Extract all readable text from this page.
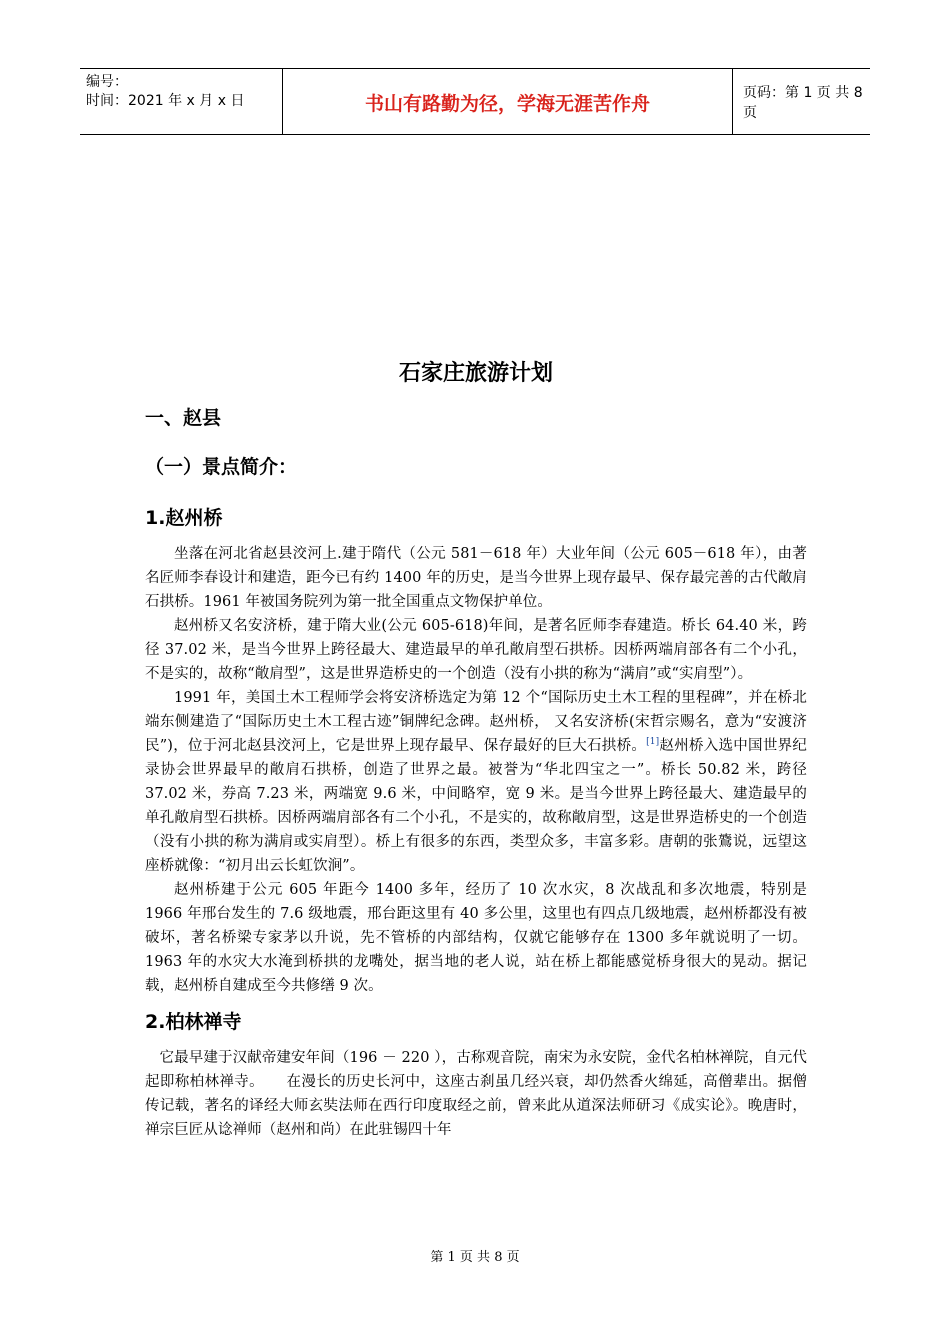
编号：
时间：2021 年 x 月 x 日	书山有路勤为径，学海无涯苦作舟	页码：第 1 页 共 8 页
石家庄旅游计划
一、赵县
（一）景点简介：
1.赵州桥

坐落在河北省赵县洨河上.建于隋代（公元 581－618 年）大业年间（公元 605－618 年），由著名匠师李春设计和建造，距今已有约 1400 年的历史，是当今世界上现存最早、保存最完善的古代敞肩石拱桥。1961 年被国务院列为第一批全国重点文物保护单位。

赵州桥又名安济桥，建于隋大业(公元 605-618)年间，是著名匠师李春建造。桥长 64.40 米，跨径 37.02 米，是当今世界上跨径最大、建造最早的单孔敞肩型石拱桥。因桥两端肩部各有二个小孔，不是实的，故称“敞肩型”，这是世界造桥史的一个创造（没有小拱的称为“满肩”或“实肩型”）。

1991 年，美国土木工程师学会将安济桥选定为第 12 个“国际历史土木工程的里程碑”，并在桥北端东侧建造了“国际历史土木工程古迹”铜牌纪念碑。赵州桥， 又名安济桥(宋哲宗赐名，意为“安渡济民”)，位于河北赵县洨河上，它是世界上现存最早、保存最好的巨大石拱桥。[1]赵州桥入选中国世界纪录协会世界最早的敞肩石拱桥，创造了世界之最。被誉为“华北四宝之一”。桥长 50.82 米，跨径 37.02 米，券高 7.23 米，两端宽 9.6 米，中间略窄，宽 9 米。是当今世界上跨径最大、建造最早的单孔敞肩型石拱桥。因桥两端肩部各有二个小孔，不是实的，故称敞肩型，这是世界造桥史的一个创造（没有小拱的称为满肩或实肩型）。桥上有很多的东西，类型众多，丰富多彩。唐朝的张鷟说，远望这座桥就像：“初月出云长虹饮涧”。

赵州桥建于公元 605 年距今 1400 多年，经历了 10 次水灾，8 次战乱和多次地震，特别是 1966 年邢台发生的 7.6 级地震，邢台距这里有 40 多公里，这里也有四点几级地震，赵州桥都没有被破坏，著名桥梁专家茅以升说，先不管桥的内部结构，仅就它能够存在 1300 多年就说明了一切。1963 年的水灾大水淹到桥拱的龙嘴处，据当地的老人说，站在桥上都能感觉桥身很大的晃动。据记载，赵州桥自建成至今共修缮 9 次。

2.柏林禅寺

它最早建于汉献帝建安年间（196 － 220 ），古称观音院，南宋为永安院，金代名柏林禅院，自元代起即称柏林禅寺。　　在漫长的历史长河中，这座古刹虽几经兴衰，却仍然香火绵延，高僧辈出。据僧传记载，著名的译经大师玄奘法师在西行印度取经之前，曾来此从道深法师研习《成实论》。晚唐时，禅宗巨匠从谂禅师（赵州和尚）在此驻锡四十年

第 1 页 共 8 页
